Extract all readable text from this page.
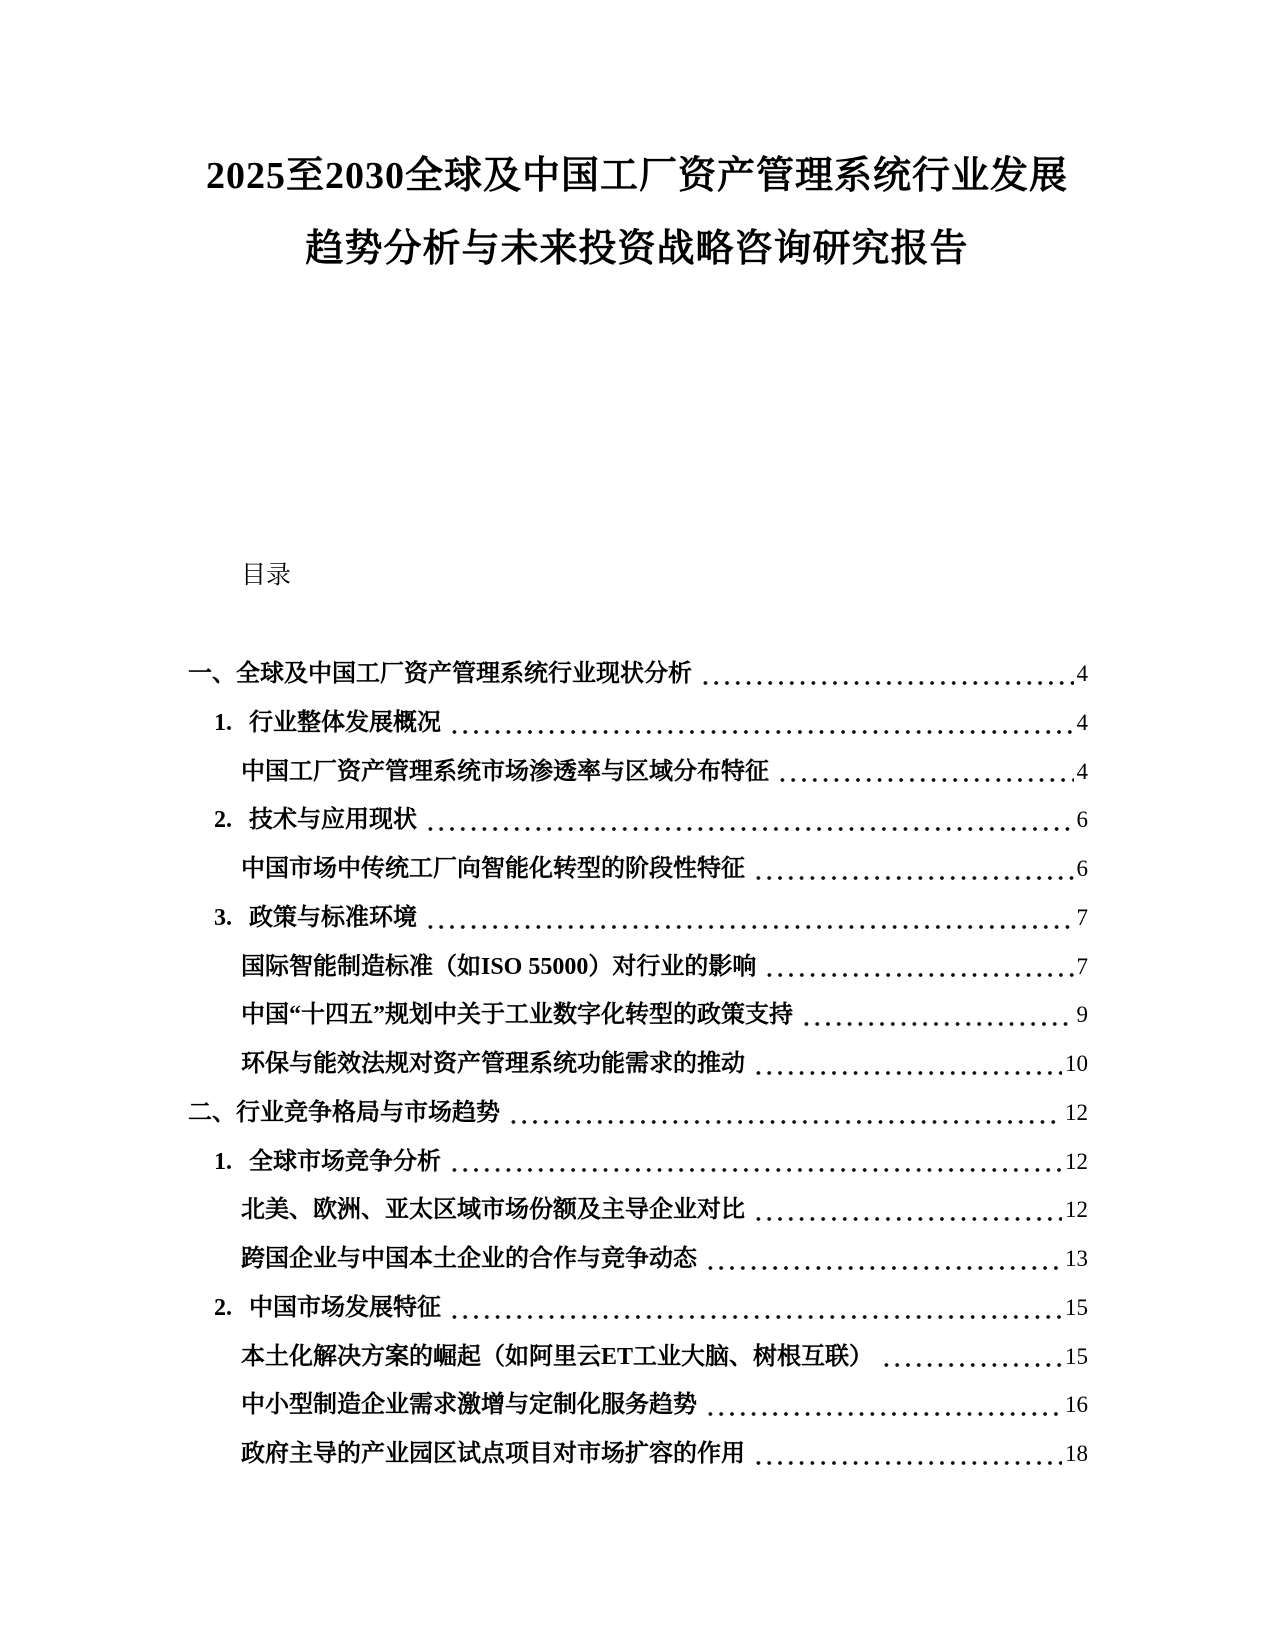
2025至2030全球及中国工厂资产管理系统行业发展
趋势分析与未来投资战略咨询研究报告
目录
一、 全球及中国工厂资产管理系统行业现状分析	4
1. 行业整体发展概况	4
中国工厂资产管理系统市场渗透率与区域分布特征	4
2. 技术与应用现状	6
中国市场中传统工厂向智能化转型的阶段性特征	6
3. 政策与标准环境	7
国际智能制造标准（如ISO 55000）对行业的影响	7
中国“十四五”规划中关于工业数字化转型的政策支持	9
环保与能效法规对资产管理系统功能需求的推动	10
二、 行业竞争格局与市场趋势	12
1. 全球市场竞争分析	12
北美、欧洲、亚太区域市场份额及主导企业对比	12
跨国企业与中国本土企业的合作与竞争动态	13
2. 中国市场发展特征	15
本土化解决方案的崛起（如阿里云ET工业大脑、树根互联）	15
中小型制造企业需求激增与定制化服务趋势	16
政府主导的产业园区试点项目对市场扩容的作用	18
